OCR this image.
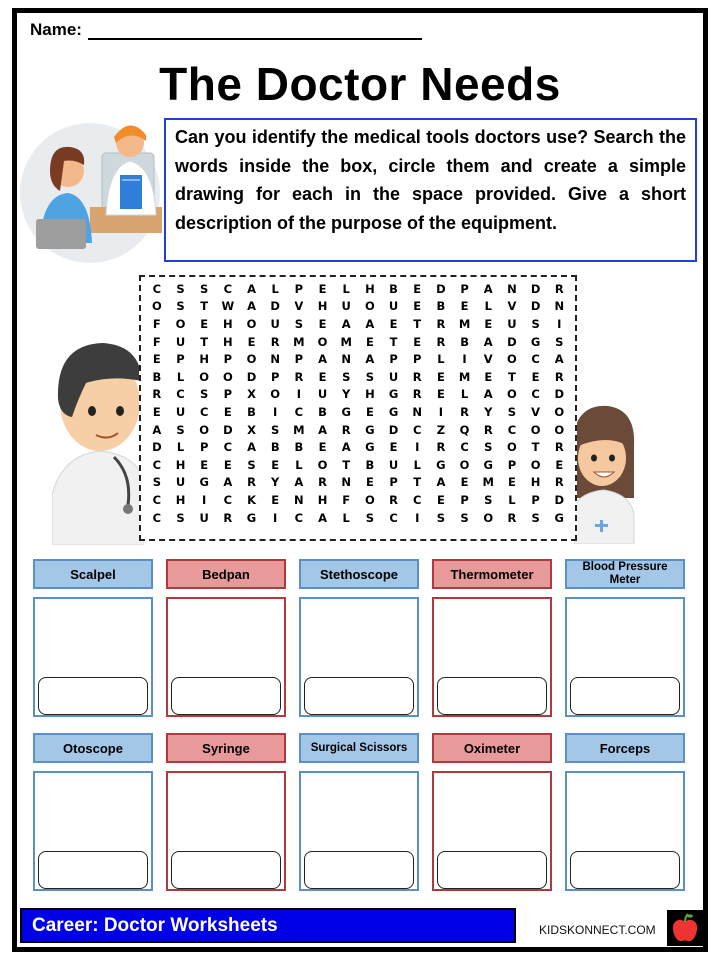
Name:
The Doctor Needs
Can you identify the medical tools doctors use? Search the words inside the box, circle them and create a simple drawing for each in the space provided. Give a short description of the purpose of the equipment.
C	S	S	C	A	L	P	E	L	H	B	E	D	P	A	N	D	R
O	S	T	W	A	D	V	H	U	O	U	E	B	E	L	V	D	N
F	O	E	H	O	U	S	E	A	A	E	T	R	M	E	U	S	I
F	U	T	H	E	R	M	O	M	E	T	E	R	B	A	D	G	S
E	P	H	P	O	N	P	A	N	A	P	P	L	I	V	O	C	A
B	L	O	O	D	P	R	E	S	S	U	R	E	M	E	T	E	R
R	C	S	P	X	O	I	U	Y	H	G	R	E	L	A	O	C	D
E	U	C	E	B	I	C	B	G	E	G	N	I	R	Y	S	V	O
A	S	O	D	X	S	M	A	R	G	D	C	Z	Q	R	C	O	O
D	L	P	C	A	B	B	E	A	G	E	I	R	C	S	O	T	R
C	H	E	E	S	E	L	O	T	B	U	L	G	O	G	P	O	E
S	U	G	A	R	Y	A	R	N	E	P	T	A	E	M	E	H	R
C	H	I	C	K	E	N	H	F	O	R	C	E	P	S	L	P	D
C	S	U	R	G	I	C	A	L	S	C	I	S	S	O	R	S	G
Scalpel	Bedpan	Stethoscope	Thermometer	Blood Pressure Meter
Otoscope	Syringe	Surgical Scissors	Oximeter	Forceps
Career: Doctor Worksheets	KIDSKONNECT.COM
